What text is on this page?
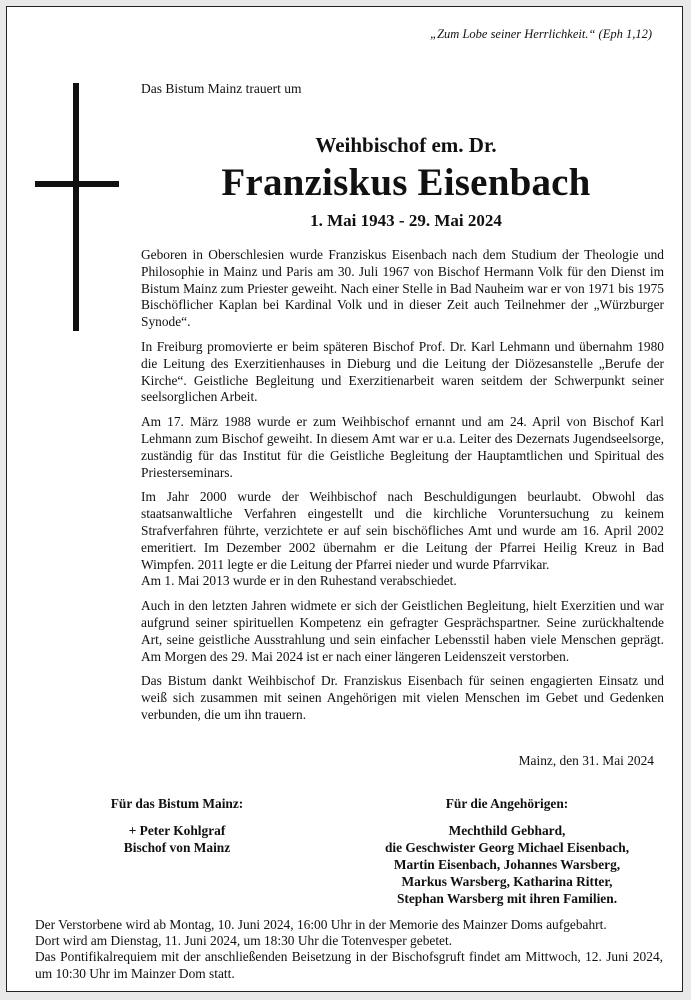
„Zum Lobe seiner Herrlichkeit.“ (Eph 1,12)
Das Bistum Mainz trauert um
Weihbischof em. Dr.
Franziskus Eisenbach
1. Mai 1943 - 29. Mai 2024

Geboren in Oberschlesien wurde Franziskus Eisenbach nach dem Studium der Theologie und Philosophie in Mainz und Paris am 30. Juli 1967 von Bischof Hermann Volk für den Dienst im Bistum Mainz zum Priester geweiht. Nach einer Stelle in Bad Nauheim war er von 1971 bis 1975 Bischöflicher Kaplan bei Kardinal Volk und in dieser Zeit auch Teilnehmer der „Würzburger Synode“.

In Freiburg promovierte er beim späteren Bischof Prof. Dr. Karl Lehmann und übernahm 1980 die Leitung des Exerzitienhauses in Dieburg und die Leitung der Diözesanstelle „Berufe der Kirche“. Geistliche Begleitung und Exerzitienarbeit waren seitdem der Schwerpunkt seiner seelsorglichen Arbeit.

Am 17. März 1988 wurde er zum Weihbischof ernannt und am 24. April von Bischof Karl Lehmann zum Bischof geweiht. In diesem Amt war er u.a. Leiter des Dezernats Jugendseelsorge, zuständig für das Institut für die Geistliche Begleitung der Hauptamtlichen und Spiritual des Priesterseminars.

Im Jahr 2000 wurde der Weihbischof nach Beschuldigungen beurlaubt. Obwohl das staatsanwaltliche Verfahren eingestellt und die kirchliche Voruntersuchung zu keinem Strafverfahren führte, verzichtete er auf sein bischöfliches Amt und wurde am 16. April 2002 emeritiert. Im Dezember 2002 übernahm er die Leitung der Pfarrei Heilig Kreuz in Bad Wimpfen. 2011 legte er die Leitung der Pfarrei nieder und wurde Pfarrvikar.

Am 1. Mai 2013 wurde er in den Ruhestand verabschiedet.

Auch in den letzten Jahren widmete er sich der Geistlichen Begleitung, hielt Exerzitien und war aufgrund seiner spirituellen Kompetenz ein gefragter Gesprächspartner. Seine zurückhaltende Art, seine geistliche Ausstrahlung und sein einfacher Lebensstil haben viele Menschen geprägt. Am Morgen des 29. Mai 2024 ist er nach einer längeren Leidenszeit verstorben.

Das Bistum dankt Weihbischof Dr. Franziskus Eisenbach für seinen engagierten Einsatz und weiß sich zusammen mit seinen Angehörigen mit vielen Menschen im Gebet und Gedenken verbunden, die um ihn trauern.

Mainz, den 31. Mai 2024
Für das Bistum Mainz:
+ Peter Kohlgraf
Bischof von Mainz
Für die Angehörigen:
Mechthild Gebhard,
die Geschwister Georg Michael Eisenbach,
Martin Eisenbach, Johannes Warsberg,
Markus Warsberg, Katharina Ritter,
Stephan Warsberg mit ihren Familien.
Der Verstorbene wird ab Montag, 10. Juni 2024, 16:00 Uhr in der Memorie des Mainzer Doms aufgebahrt.
Dort wird am Dienstag, 11. Juni 2024, um 18:30 Uhr die Totenvesper gebetet.
Das Pontifikalrequiem mit der anschließenden Beisetzung in der Bischofsgruft findet am Mittwoch, 12. Juni 2024, um 10:30 Uhr im Mainzer Dom statt.
